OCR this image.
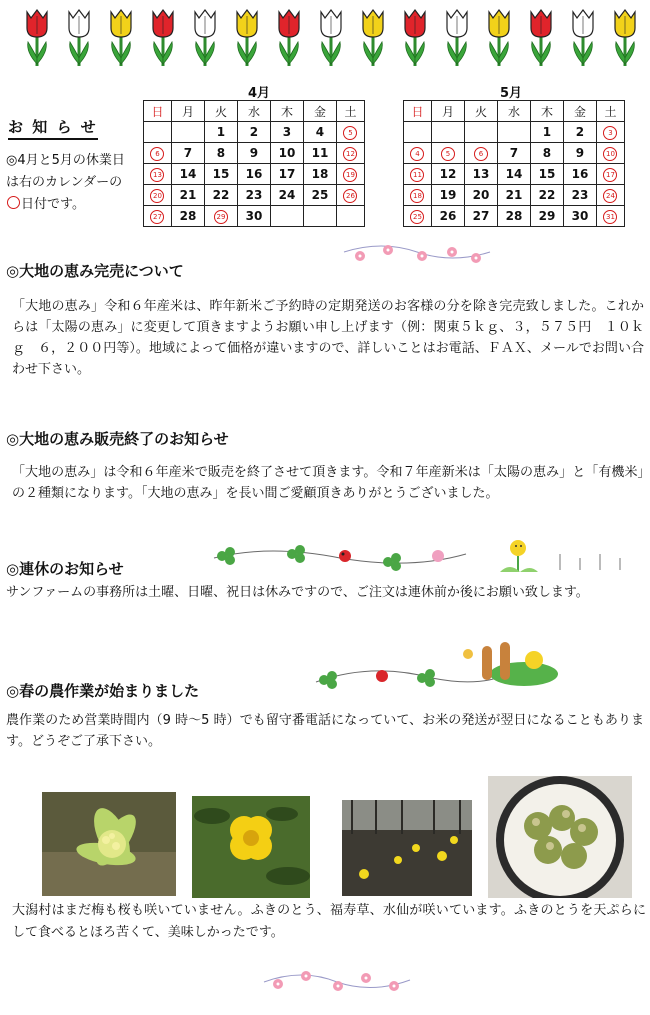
お 知 ら せ
◎4月と5月の休業日は右のカレンダーの日付です。
4月
日	月	火	水	木	金	土
		1	2	3	4	5
6	7	8	9	10	11	12
13	14	15	16	17	18	19
20	21	22	23	24	25	26
27	28	29	30			
5月
日	月	火	水	木	金	土
				1	2	3
4	5	6	7	8	9	10
11	12	13	14	15	16	17
18	19	20	21	22	23	24
25	26	27	28	29	30	31
◎大地の恵み完売について
「大地の恵み」令和６年産米は、昨年新米ご予約時の定期発送のお客様の分を除き完売致しました。これからは「太陽の恵み」に変更して頂きますようお願い申し上げます（例：関東５ｋｇ、３，５７５円　１０ｋｇ　６，２００円等）。地域によって価格が違いますので、詳しいことはお電話、ＦＡＸ、メールでお問い合わせ下さい。
◎大地の恵み販売終了のお知らせ
「大地の恵み」は令和６年産米で販売を終了させて頂きます。令和７年産新米は「太陽の恵み」と「有機米」の２種類になります。「大地の恵み」を長い間ご愛顧頂きありがとうございました。
◎連休のお知らせ
サンファームの事務所は土曜、日曜、祝日は休みですので、ご注文は連休前か後にお願い致します。
◎春の農作業が始まりました
農作業のため営業時間内（9 時～5 時）でも留守番電話になっていて、お米の発送が翌日になることもあります。どうぞご了承下さい。
大潟村はまだ梅も桜も咲いていません。ふきのとう、福寿草、水仙が咲いています。ふきのとうを天ぷらにして食べるとほろ苦くて、美味しかったです。
